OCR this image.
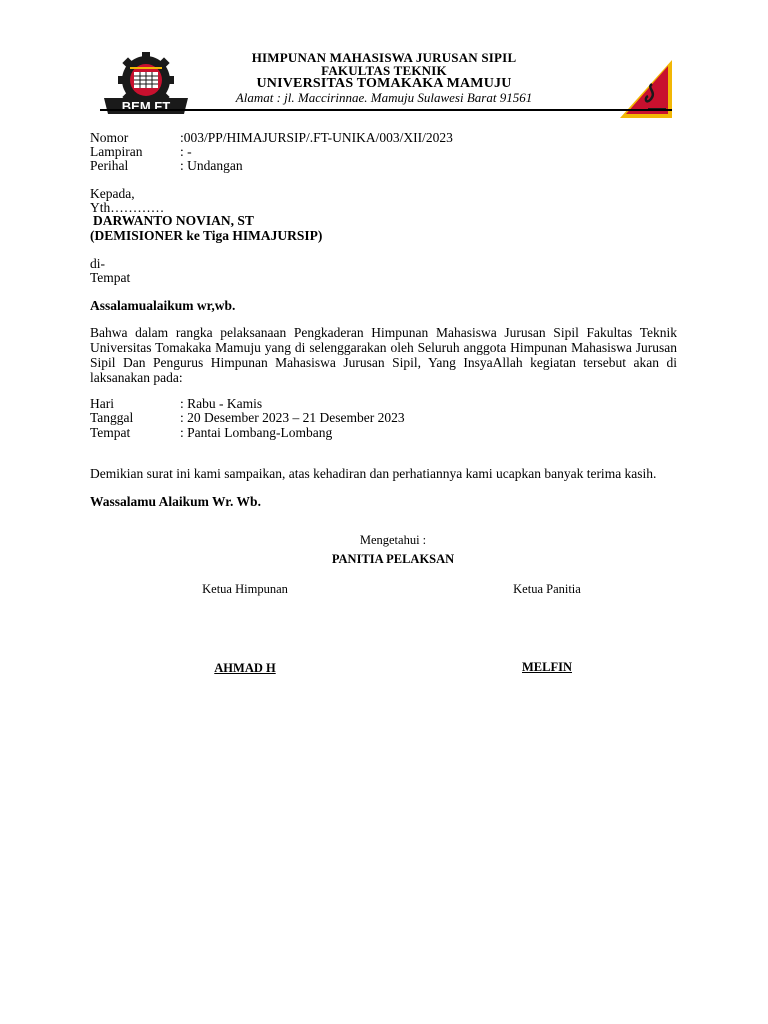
BEM FT
HIMPUNAN MAHASISWA JURUSAN SIPIL
FAKULTAS TEKNIK
UNIVERSITAS TOMAKAKA MAMUJU
Alamat : jl. Maccirinnae. Mamuju Sulawesi Barat 91561
Nomor	:003/PP/HIMAJURSIP/.FT-UNIKA/003/XII/2023
Lampiran	: -
Perihal	: Undangan
Kepada,
Yth…………
DARWANTO NOVIAN, ST
(DEMISIONER ke Tiga HIMAJURSIP)
di-
Tempat
Assalamualaikum wr,wb.
Bahwa dalam rangka pelaksanaan Pengkaderan Himpunan Mahasiswa Jurusan Sipil Fakultas Teknik Universitas Tomakaka Mamuju yang di selenggarakan oleh Seluruh anggota Himpunan Mahasiswa Jurusan Sipil Dan Pengurus Himpunan Mahasiswa Jurusan Sipil, Yang InsyaAllah kegiatan tersebut akan di laksanakan pada:
Hari	: Rabu - Kamis
Tanggal	: 20 Desember 2023 – 21 Desember 2023
Tempat	: Pantai Lombang-Lombang
Demikian surat ini kami sampaikan, atas kehadiran dan perhatiannya kami ucapkan banyak terima kasih.
Wassalamu Alaikum Wr. Wb.
Mengetahui :
PANITIA PELAKSAN
Ketua Himpunan	Ketua Panitia
AHMAD H	MELFIN
